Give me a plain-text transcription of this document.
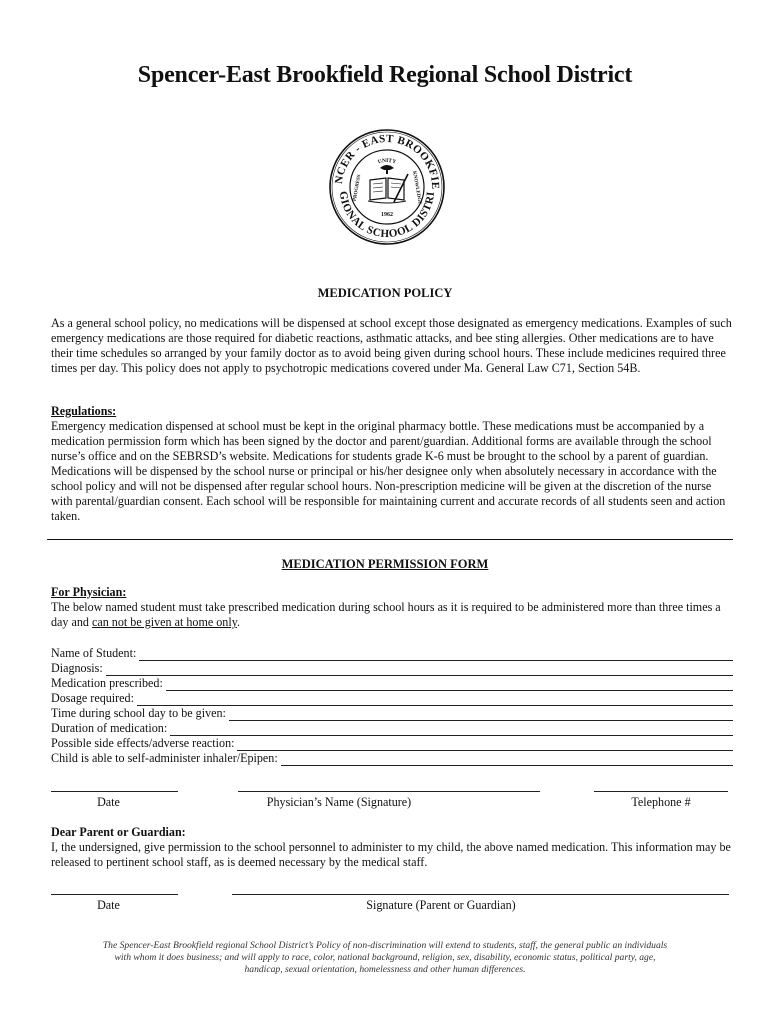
Spencer-East Brookfield Regional School District
NCER - EAST BROOKFIE
GIONAL SCHOOL DISTRI
UNITY
PROGRESS	KNOWLEDGE
1962
MEDICATION POLICY

As a general school policy, no medications will be dispensed at school except those designated as emergency medications. Examples of such emergency medications are those required for diabetic reactions, asthmatic attacks, and bee sting allergies. Other medications are to have their time schedules so arranged by your family doctor as to avoid being given during school hours. These include medicines required three times per day. This policy does not apply to psychotropic medications covered under Ma. General Law C71, Section 54B.

Regulations:
Emergency medication dispensed at school must be kept in the original pharmacy bottle. These medications must be accompanied by a medication permission form which has been signed by the doctor and parent/guardian. Additional forms are available through the school nurse’s office and on the SEBRSD’s website. Medications for students grade K-6 must be brought to the school by a parent of guardian. Medications will be dispensed by the school nurse or principal or his/her designee only when absolutely necessary in accordance with the school policy and will not be dispensed after regular school hours. Non-prescription medicine will be given at the discretion of the nurse with parental/guardian consent. Each school will be responsible for maintaining current and accurate records of all students seen and action taken.

MEDICATION PERMISSION FORM

For Physician:
The below named student must take prescribed medication during school hours as it is required to be administered more than three times a day and can not be given at home only.

Name of Student:
Diagnosis:
Medication prescribed:
Dosage required:
Time during school day to be given:
Duration of medication:
Possible side effects/adverse reaction:
Child is able to self-administer inhaler/Epipen:
Date	Physician’s Name (Signature)	Telephone #

Dear Parent or Guardian:
I, the undersigned, give permission to the school personnel to administer to my child, the above named medication. This information may be released to pertinent school staff, as is deemed necessary by the medical staff.

Date	Signature (Parent or Guardian)
The Spencer-East Brookfield regional School District’s Policy of non-discrimination will extend to students, staff, the general public an individuals with whom it does business; and will apply to race, color, national background, religion, sex, disability, economic status, political party, age, handicap, sexual orientation, homelessness and other human differences.
